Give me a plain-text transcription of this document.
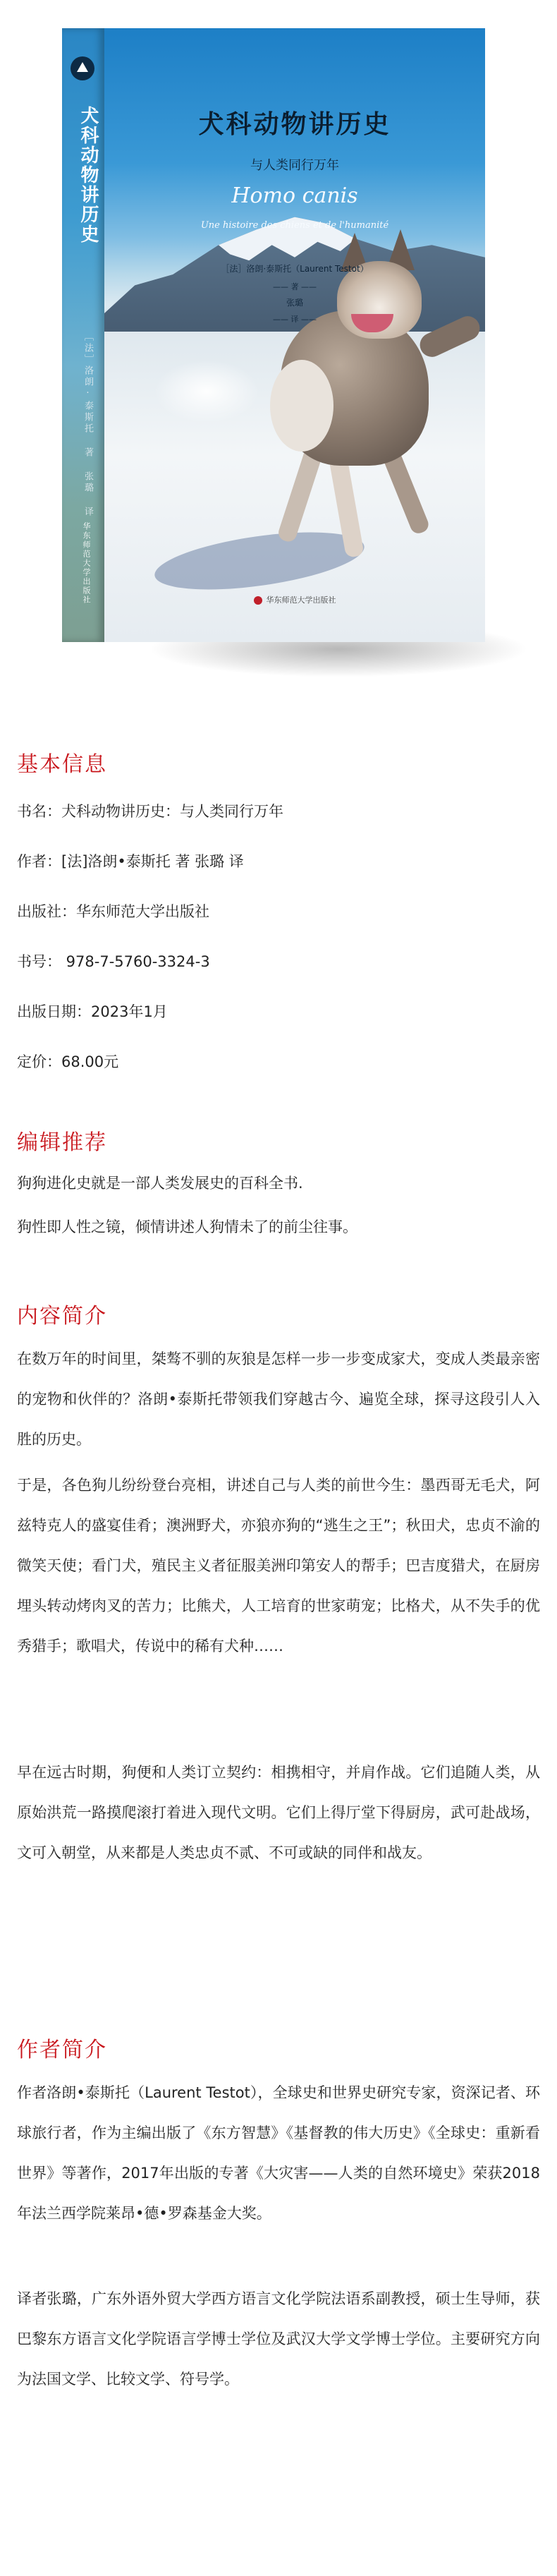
犬科动物讲历史
［法］洛朗·泰斯托 著 张璐 译
华东师范大学出版社
犬科动物讲历史
与人类同行万年
Homo canis
Une histoire des chiens et de l'humanité
［法］洛朗·泰斯托（Laurent Testot）
—— 著 ——
张璐
—— 译 ——
华东师范大学出版社
基本信息
书名：犬科动物讲历史：与人类同行万年
作者：[法]洛朗•泰斯托 著 张璐 译
出版社：华东师范大学出版社
书号： 978-7-5760-3324-3
出版日期：2023年1月
定价：68.00元
编辑推荐
狗狗进化史就是一部人类发展史的百科全书.
狗性即人性之镜，倾情讲述人狗情未了的前尘往事。
内容简介

在数万年的时间里，桀骜不驯的灰狼是怎样一步一步变成家犬，变成人类最亲密的宠物和伙伴的？洛朗•泰斯托带领我们穿越古今、遍览全球，探寻这段引人入胜的历史。

于是，各色狗儿纷纷登台亮相，讲述自己与人类的前世今生：墨西哥无毛犬，阿兹特克人的盛宴佳肴；澳洲野犬，亦狼亦狗的“逃生之王”；秋田犬，忠贞不渝的微笑天使；看门犬，殖民主义者征服美洲印第安人的帮手；巴吉度猎犬，在厨房埋头转动烤肉叉的苦力；比熊犬，人工培育的世家萌宠；比格犬，从不失手的优秀猎手；歌唱犬，传说中的稀有犬种……

早在远古时期，狗便和人类订立契约：相携相守，并肩作战。它们追随人类，从原始洪荒一路摸爬滚打着进入现代文明。它们上得厅堂下得厨房，武可赴战场，文可入朝堂，从来都是人类忠贞不贰、不可或缺的同伴和战友。

作者简介

作者洛朗•泰斯托（Laurent Testot），全球史和世界史研究专家，资深记者、环球旅行者，作为主编出版了《东方智慧》《基督教的伟大历史》《全球史：重新看世界》等著作，2017年出版的专著《大灾害——人类的自然环境史》荣获2018年法兰西学院莱昂•德•罗森基金大奖。

译者张璐，广东外语外贸大学西方语言文化学院法语系副教授，硕士生导师，获巴黎东方语言文化学院语言学博士学位及武汉大学文学博士学位。主要研究方向为法国文学、比较文学、符号学。
